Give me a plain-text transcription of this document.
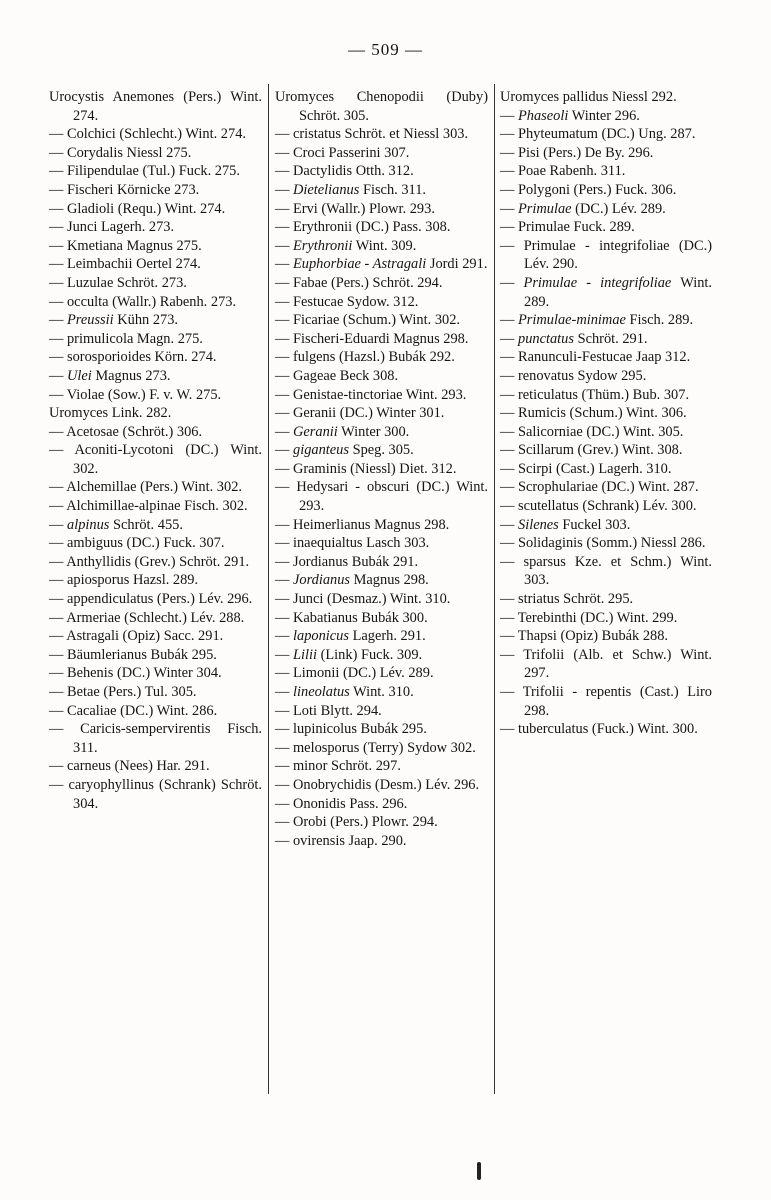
— 509 —

Urocystis Anemones (Pers.) Wint. 274.

— Colchici (Schlecht.) Wint. 274.

— Corydalis Niessl 275.

— Filipendulae (Tul.) Fuck. 275.

— Fischeri Körnicke 273.

— Gladioli (Requ.) Wint. 274.

— Junci Lagerh. 273.

— Kmetiana Magnus 275.

— Leimbachii Oertel 274.

— Luzulae Schröt. 273.

— occulta (Wallr.) Rabenh. 273.

— Preussii Kühn 273.

— primulicola Magn. 275.

— sorosporioides Körn. 274.

— Ulei Magnus 273.

— Violae (Sow.) F. v. W. 275.

Uromyces Link. 282.

— Acetosae (Schröt.) 306.

— Aconiti-Lycotoni (DC.) Wint. 302.

— Alchemillae (Pers.) Wint. 302.

— Alchimillae-alpinae Fisch. 302.

— alpinus Schröt. 455.

— ambiguus (DC.) Fuck. 307.

— Anthyllidis (Grev.) Schröt. 291.

— apiosporus Hazsl. 289.

— appendiculatus (Pers.) Lév. 296.

— Armeriae (Schlecht.) Lév. 288.

— Astragali (Opiz) Sacc. 291.

— Bäumlerianus Bubák 295.

— Behenis (DC.) Winter 304.

— Betae (Pers.) Tul. 305.

— Cacaliae (DC.) Wint. 286.

— Caricis-sempervirentis Fisch. 311.

— carneus (Nees) Har. 291.

— caryophyllinus (Schrank) Schröt. 304.

Uromyces Chenopodii (Duby) Schröt. 305.

— cristatus Schröt. et Niessl 303.

— Croci Passerini 307.

— Dactylidis Otth. 312.

— Dietelianus Fisch. 311.

— Ervi (Wallr.) Plowr. 293.

— Erythronii (DC.) Pass. 308.

— Erythronii Wint. 309.

— Euphorbiae - Astragali Jordi 291.

— Fabae (Pers.) Schröt. 294.

— Festucae Sydow. 312.

— Ficariae (Schum.) Wint. 302.

— Fischeri-Eduardi Magnus 298.

— fulgens (Hazsl.) Bubák 292.

— Gageae Beck 308.

— Genistae-tinctoriae Wint. 293.

— Geranii (DC.) Winter 301.

— Geranii Winter 300.

— giganteus Speg. 305.

— Graminis (Niessl) Diet. 312.

— Hedysari - obscuri (DC.) Wint. 293.

— Heimerlianus Magnus 298.

— inaequialtus Lasch 303.

— Jordianus Bubák 291.

— Jordianus Magnus 298.

— Junci (Desmaz.) Wint. 310.

— Kabatianus Bubák 300.

— laponicus Lagerh. 291.

— Lilii (Link) Fuck. 309.

— Limonii (DC.) Lév. 289.

— lineolatus Wint. 310.

— Loti Blytt. 294.

— lupinicolus Bubák 295.

— melosporus (Terry) Sydow 302.

— minor Schröt. 297.

— Onobrychidis (Desm.) Lév. 296.

— Ononidis Pass. 296.

— Orobi (Pers.) Plowr. 294.

— ovirensis Jaap. 290.

Uromyces pallidus Niessl 292.

— Phaseoli Winter 296.

— Phyteumatum (DC.) Ung. 287.

— Pisi (Pers.) De By. 296.

— Poae Rabenh. 311.

— Polygoni (Pers.) Fuck. 306.

— Primulae (DC.) Lév. 289.

— Primulae Fuck. 289.

— Primulae - integrifoliae (DC.) Lév. 290.

— Primulae - integrifoliae Wint. 289.

— Primulae-minimae Fisch. 289.

— punctatus Schröt. 291.

— Ranunculi-Festucae Jaap 312.

— renovatus Sydow 295.

— reticulatus (Thüm.) Bub. 307.

— Rumicis (Schum.) Wint. 306.

— Salicorniae (DC.) Wint. 305.

— Scillarum (Grev.) Wint. 308.

— Scirpi (Cast.) Lagerh. 310.

— Scrophulariae (DC.) Wint. 287.

— scutellatus (Schrank) Lév. 300.

— Silenes Fuckel 303.

— Solidaginis (Somm.) Niessl 286.

— sparsus Kze. et Schm.) Wint. 303.

— striatus Schröt. 295.

— Terebinthi (DC.) Wint. 299.

— Thapsi (Opiz) Bubák 288.

— Trifolii (Alb. et Schw.) Wint. 297.

— Trifolii - repentis (Cast.) Liro 298.

— tuberculatus (Fuck.) Wint. 300.
